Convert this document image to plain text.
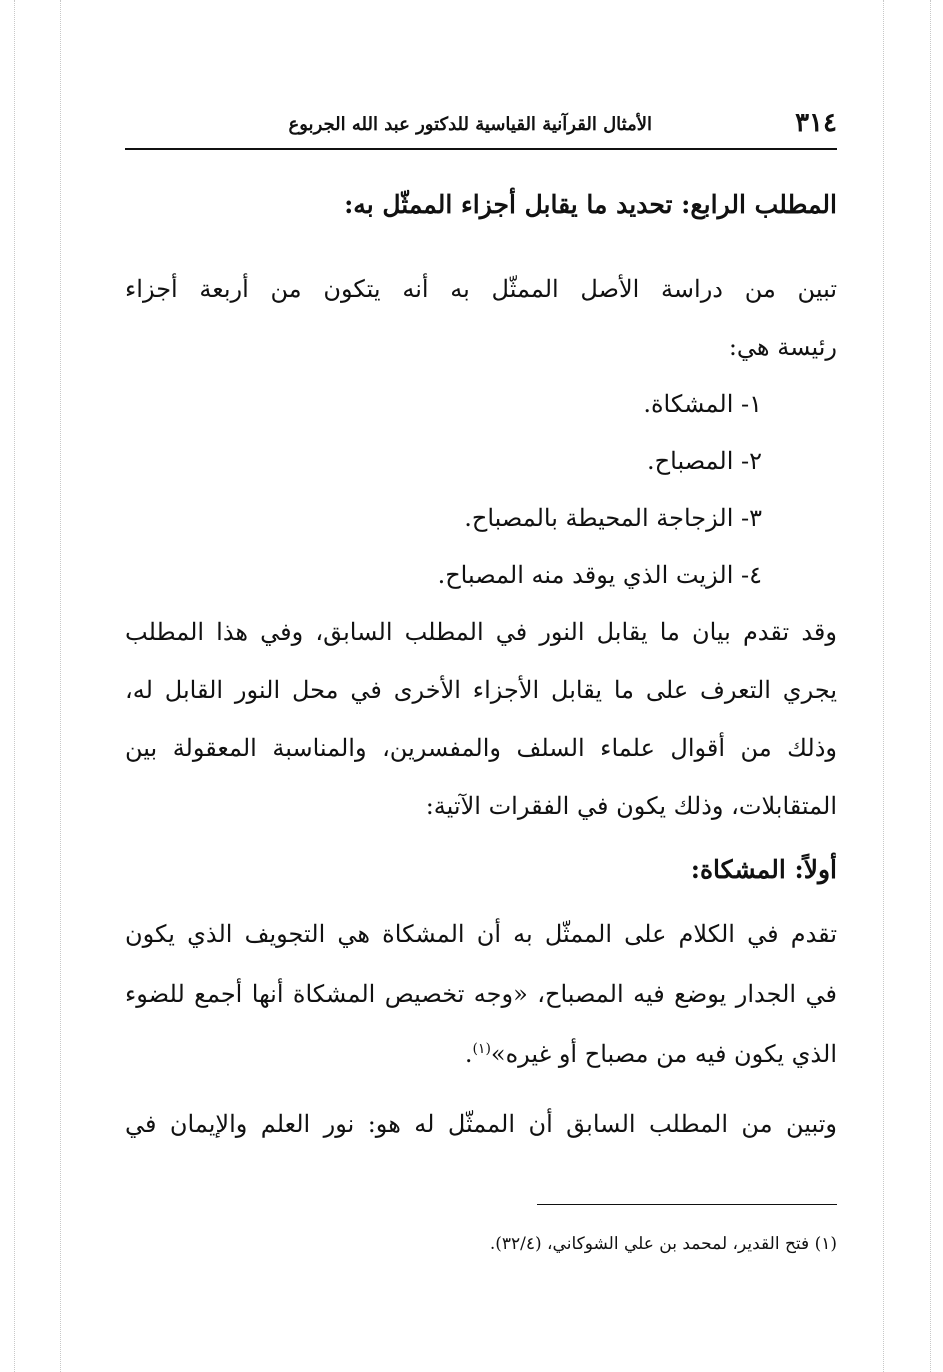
٣١٤
الأمثال القرآنية القياسية للدكتور عبد الله الجربوع
المطلب الرابع: تحديد ما يقابل أجزاء الممثّل به:
تبين من دراسة الأصل الممثّل به أنه يتكون من أربعة أجزاء
رئيسة هي:
١- المشكاة.
٢- المصباح.
٣- الزجاجة المحيطة بالمصباح.
٤- الزيت الذي يوقد منه المصباح.
وقد تقدم بيان ما يقابل النور في المطلب السابق، وفي هذا المطلب
يجري التعرف على ما يقابل الأجزاء الأخرى في محل النور القابل له،
وذلك من أقوال علماء السلف والمفسرين، والمناسبة المعقولة بين
المتقابلات، وذلك يكون في الفقرات الآتية:
أولاً: المشكاة:
تقدم في الكلام على الممثّل به أن المشكاة هي التجويف الذي يكون
في الجدار يوضع فيه المصباح، «وجه تخصيص المشكاة أنها أجمع للضوء
الذي يكون فيه من مصباح أو غيره»$^{(١)}$.
وتبين من المطلب السابق أن الممثّل له هو: نور العلم والإيمان في
(١) فتح القدير، لمحمد بن علي الشوكاني، (٣٢/٤).
